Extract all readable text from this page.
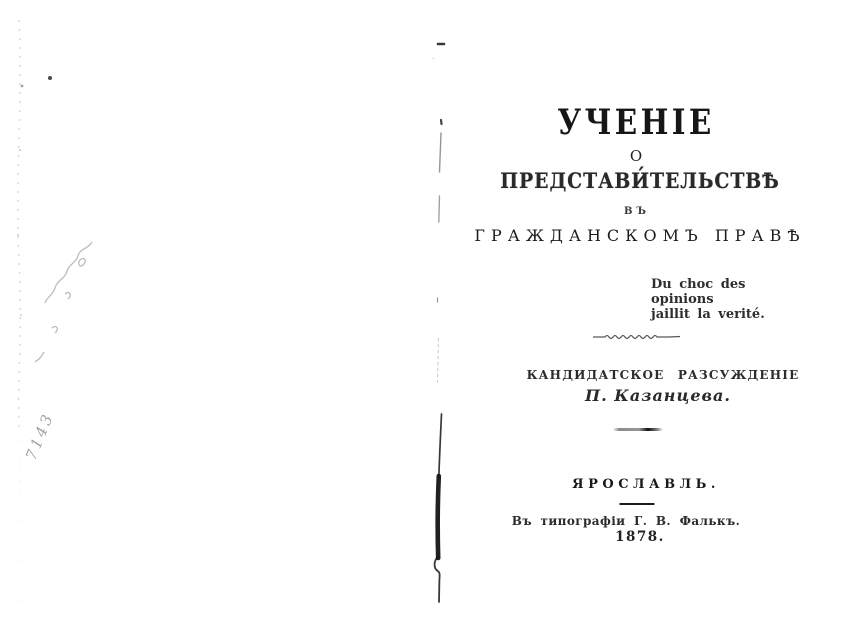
7143
УЧЕНІЕ
О
ПРЕДСТАВИ́ТЕЛЬСТВѢ
ВЪ
ГРАЖДАНСКОМЪ ПРАВѢ
Du choc des opinions
jaillit la verité.
КАНДИДАТСКОЕ РАЗСУЖДЕНІЕ
П. Казанцева.
ЯРОСЛАВЛЬ.
Въ типографіи Г. В. Фалькъ.
1878.
